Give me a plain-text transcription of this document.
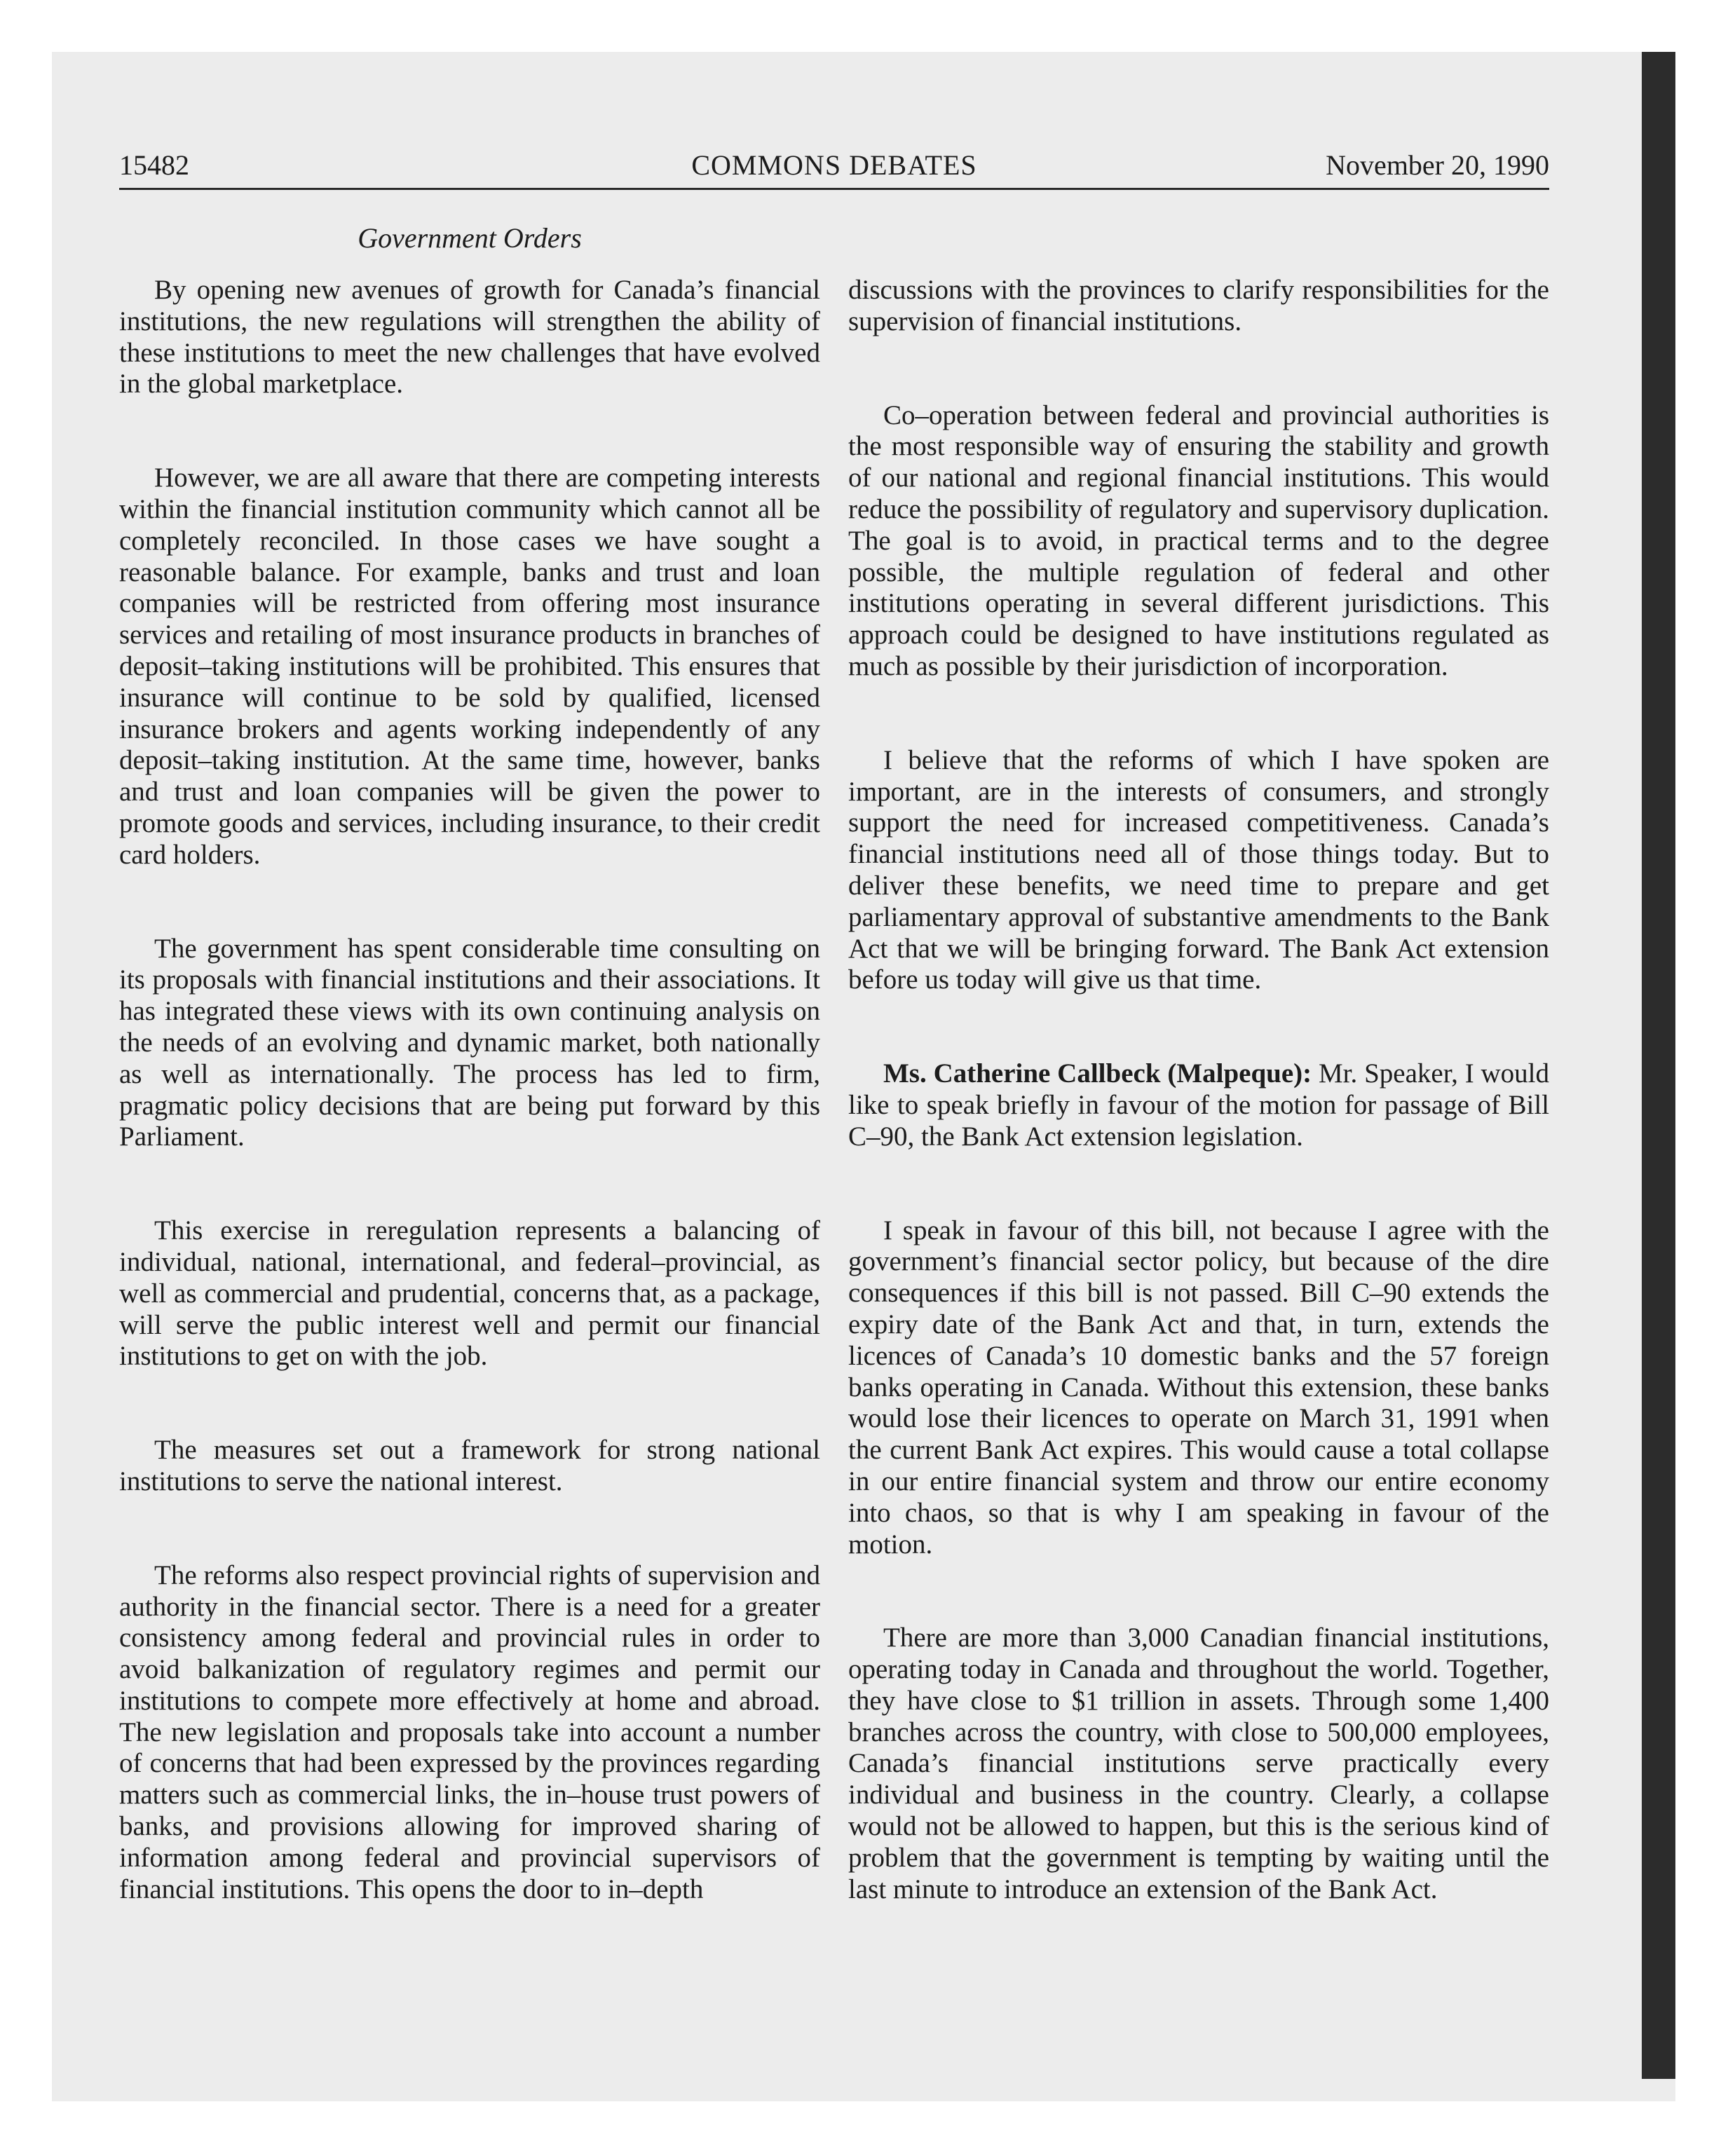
15482	COMMONS DEBATES	November 20, 1990
Government Orders

By opening new avenues of growth for Canada’s financial institutions, the new regulations will strengthen the ability of these institutions to meet the new challenges that have evolved in the global marketplace.

However, we are all aware that there are competing interests within the financial institution community which cannot all be completely reconciled. In those cases we have sought a reasonable balance. For example, banks and trust and loan companies will be restricted from offering most insurance services and retailing of most insurance products in branches of deposit–taking institutions will be prohibited. This ensures that insurance will continue to be sold by qualified, licensed insurance brokers and agents working independently of any deposit–taking institution. At the same time, however, banks and trust and loan companies will be given the power to promote goods and services, including insurance, to their credit card holders.

The government has spent considerable time consulting on its proposals with financial institutions and their associations. It has integrated these views with its own continuing analysis on the needs of an evolving and dynamic market, both nationally as well as internationally. The process has led to firm, pragmatic policy decisions that are being put forward by this Parliament.

This exercise in reregulation represents a balancing of individual, national, international, and federal–provincial, as well as commercial and prudential, concerns that, as a package, will serve the public interest well and permit our financial institutions to get on with the job.

The measures set out a framework for strong national institutions to serve the national interest.

The reforms also respect provincial rights of supervision and authority in the financial sector. There is a need for a greater consistency among federal and provincial rules in order to avoid balkanization of regulatory regimes and permit our institutions to compete more effectively at home and abroad. The new legislation and proposals take into account a number of concerns that had been expressed by the provinces regarding matters such as commercial links, the in–house trust powers of banks, and provisions allowing for improved sharing of information among federal and provincial supervisors of financial institutions. This opens the door to in–depth

discussions with the provinces to clarify responsibilities for the supervision of financial institutions.

Co–operation between federal and provincial authorities is the most responsible way of ensuring the stability and growth of our national and regional financial institutions. This would reduce the possibility of regulatory and supervisory duplication. The goal is to avoid, in practical terms and to the degree possible, the multiple regulation of federal and other institutions operating in several different jurisdictions. This approach could be designed to have institutions regulated as much as possible by their jurisdiction of incorporation.

I believe that the reforms of which I have spoken are important, are in the interests of consumers, and strongly support the need for increased competitiveness. Canada’s financial institutions need all of those things today. But to deliver these benefits, we need time to prepare and get parliamentary approval of substantive amendments to the Bank Act that we will be bringing forward. The Bank Act extension before us today will give us that time.

Ms. Catherine Callbeck (Malpeque): Mr. Speaker, I would like to speak briefly in favour of the motion for passage of Bill C–90, the Bank Act extension legislation.

I speak in favour of this bill, not because I agree with the government’s financial sector policy, but because of the dire consequences if this bill is not passed. Bill C–90 extends the expiry date of the Bank Act and that, in turn, extends the licences of Canada’s 10 domestic banks and the 57 foreign banks operating in Canada. Without this extension, these banks would lose their licences to operate on March 31, 1991 when the current Bank Act expires. This would cause a total collapse in our entire financial system and throw our entire economy into chaos, so that is why I am speaking in favour of the motion.

There are more than 3,000 Canadian financial institutions, operating today in Canada and throughout the world. Together, they have close to $1 trillion in assets. Through some 1,400 branches across the country, with close to 500,000 employees, Canada’s financial institutions serve practically every individual and business in the country. Clearly, a collapse would not be allowed to happen, but this is the serious kind of problem that the government is tempting by waiting until the last minute to introduce an extension of the Bank Act.
